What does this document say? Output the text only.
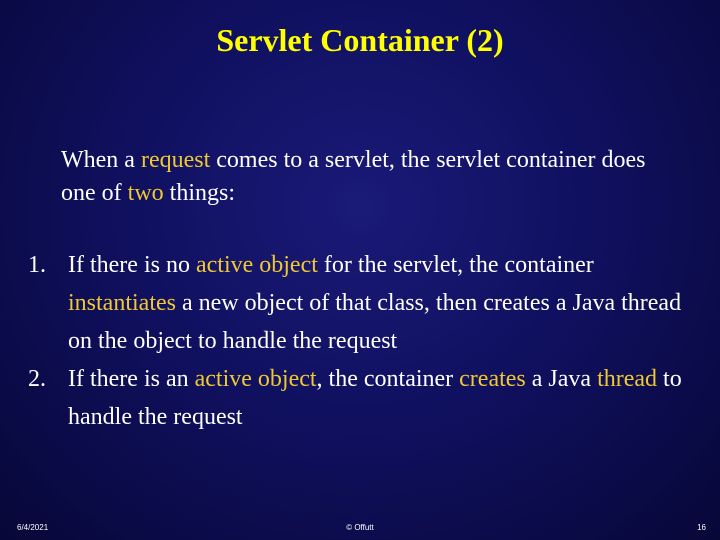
Servlet Container (2)
When a request comes to a servlet, the servlet container does one of two things:
1. If there is no active object for the servlet, the container instantiates a new object of that class, then creates a Java thread on the object to handle the request
2. If there is an active object, the container creates a Java thread to handle the request
6/4/2021	© Offutt	16
